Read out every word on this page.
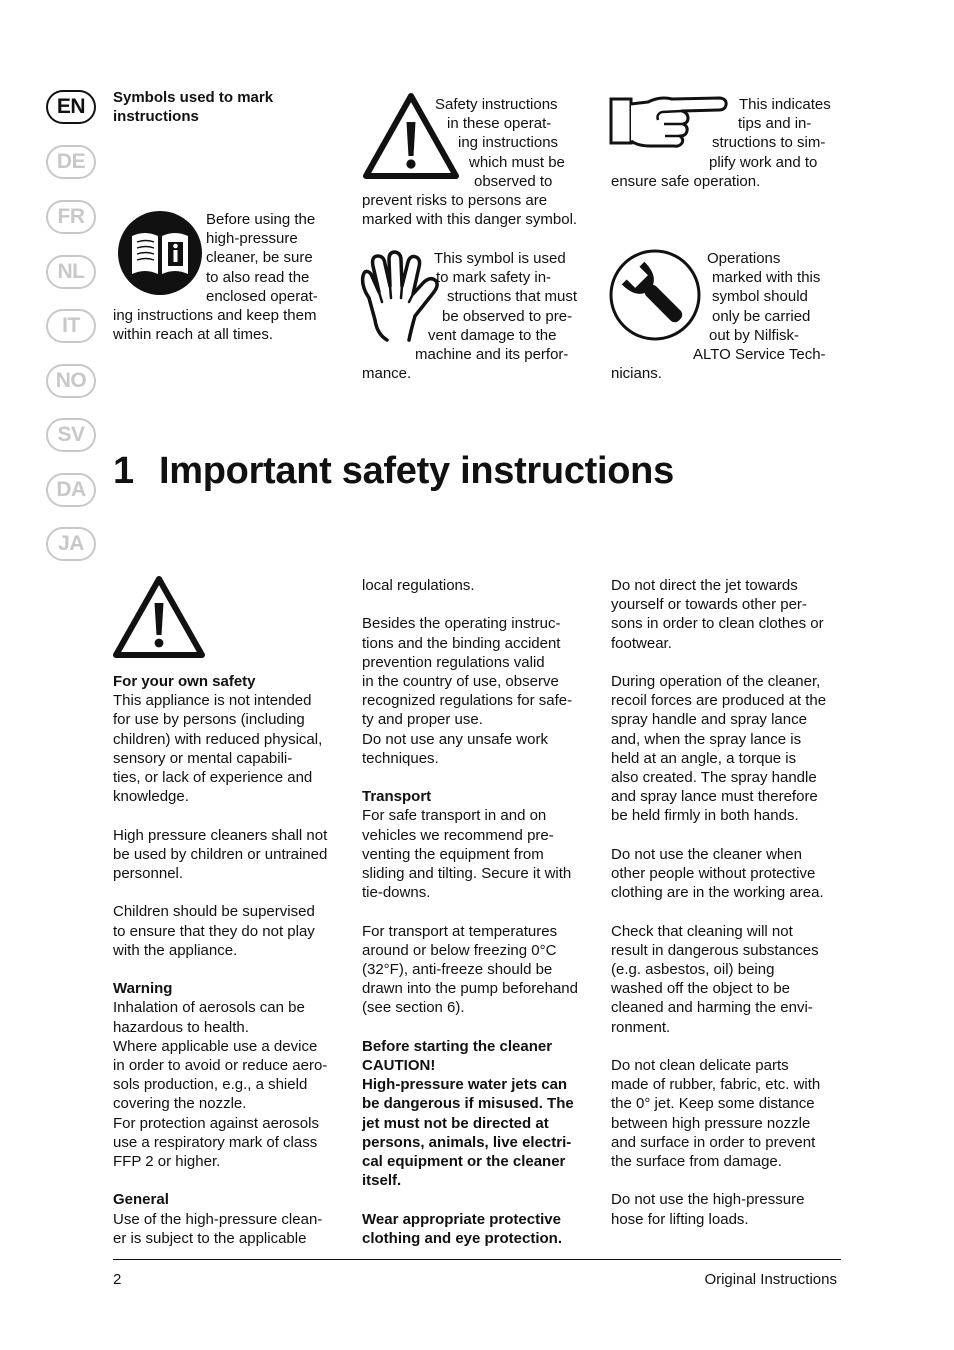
EN
DE
FR
NL
IT
NO
SV
DA
JA
Symbols used to mark
instructions
Before using the
high-pressure
cleaner, be sure
to also read the
enclosed operat-
ing instructions and keep them
within reach at all times.
Safety instructions
in these operat-
ing instructions
which must be
observed to
prevent risks to persons are
marked with this danger symbol.
This indicates
tips and in-
structions to sim-
plify work and to
ensure safe operation.
This symbol is used
to mark safety in-
structions that must
be observed to pre-
vent damage to the
machine and its perfor-
mance.
Operations
marked with this
symbol should
only be carried
out by Nilfisk-
ALTO Service Tech-
nicians.
1 Important safety instructions
For your own safety
This appliance is not intended
for use by persons (including
children) with reduced physical,
sensory or mental capabili-
ties, or lack of experience and
knowledge.
High pressure cleaners shall not
be used by children or untrained
personnel.
Children should be supervised
to ensure that they do not play
with the appliance.
Warning
Inhalation of aerosols can be
hazardous to health.
Where applicable use a device
in order to avoid or reduce aero-
sols production, e.g., a shield
covering the nozzle.
For protection against aerosols
use a respiratory mark of class
FFP 2 or higher.
General
Use of the high-pressure clean-
er is subject to the applicable
local regulations.
Besides the operating instruc-
tions and the binding accident
prevention regulations valid
in the country of use, observe
recognized regulations for safe-
ty and proper use.
Do not use any unsafe work
techniques.
Transport
For safe transport in and on
vehicles we recommend pre-
venting the equipment from
sliding and tilting. Secure it with
tie-downs.
For transport at temperatures
around or below freezing 0°C
(32°F), anti-freeze should be
drawn into the pump beforehand
(see section 6).
Before starting the cleaner
CAUTION!
High-pressure water jets can
be dangerous if misused. The
jet must not be directed at
persons, animals, live electri-
cal equipment or the cleaner
itself.
Wear appropriate protective
clothing and eye protection.
Do not direct the jet towards
yourself or towards other per-
sons in order to clean clothes or
footwear.
During operation of the cleaner,
recoil forces are produced at the
spray handle and spray lance
and, when the spray lance is
held at an angle, a torque is
also created. The spray handle
and spray lance must therefore
be held firmly in both hands.
Do not use the cleaner when
other people without protective
clothing are in the working area.
Check that cleaning will not
result in dangerous substances
(e.g. asbestos, oil) being
washed off the object to be
cleaned and harming the envi-
ronment.
Do not clean delicate parts
made of rubber, fabric, etc. with
the 0° jet. Keep some distance
between high pressure nozzle
and surface in order to prevent
the surface from damage.
Do not use the high-pressure
hose for lifting loads.
2	Original Instructions
